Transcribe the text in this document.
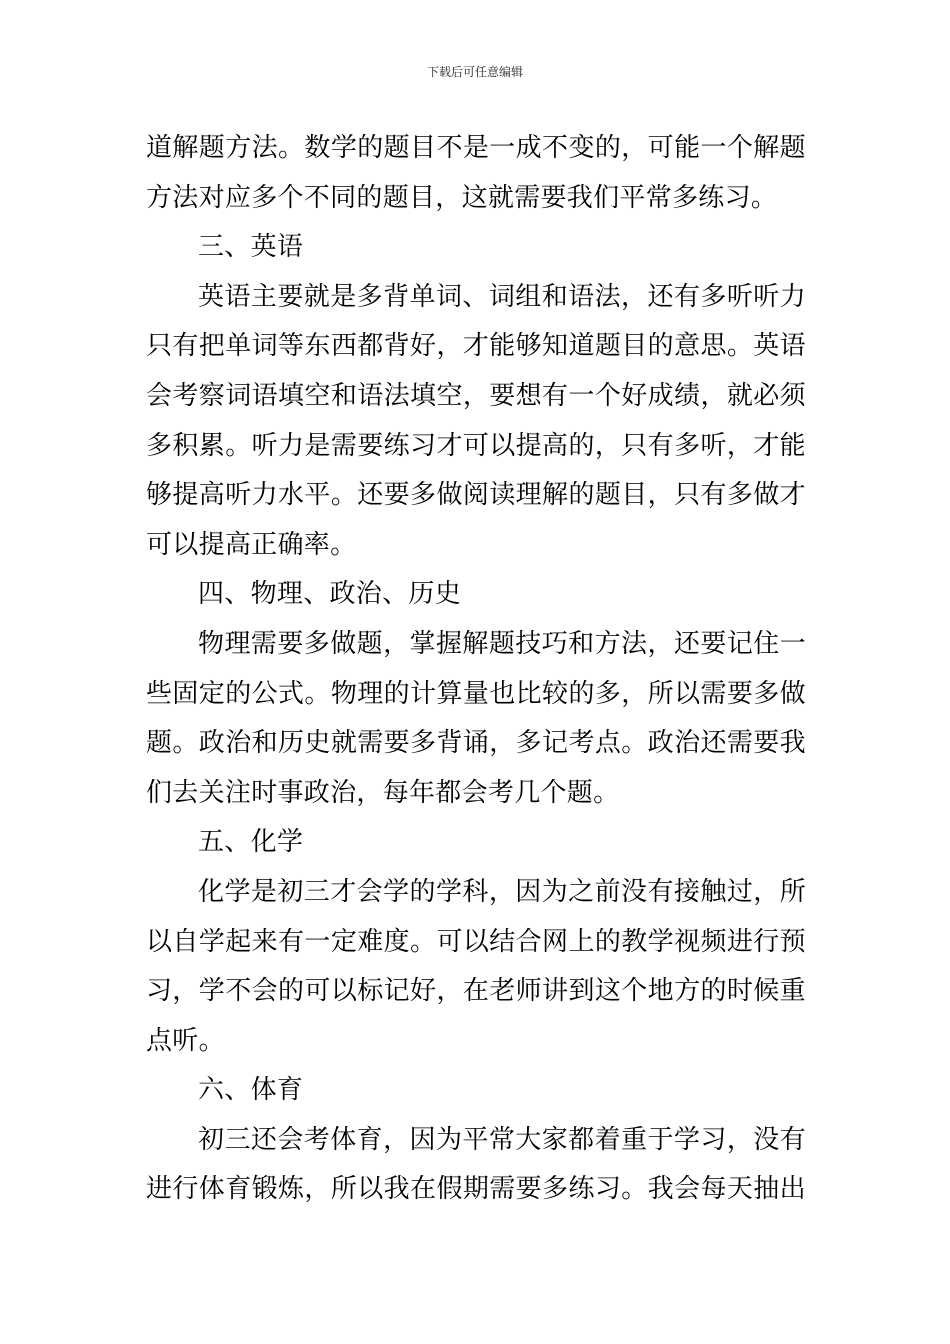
下载后可任意编辑
道解题方法。数学的题目不是一成不变的，可能一个解题
方法对应多个不同的题目，这就需要我们平常多练习。
三、英语
英语主要就是多背单词、词组和语法，还有多听听力
只有把单词等东西都背好，才能够知道题目的意思。英语
会考察词语填空和语法填空，要想有一个好成绩，就必须
多积累。听力是需要练习才可以提高的，只有多听，才能
够提高听力水平。还要多做阅读理解的题目，只有多做才
可以提高正确率。
四、物理、政治、历史
物理需要多做题，掌握解题技巧和方法，还要记住一
些固定的公式。物理的计算量也比较的多，所以需要多做
题。政治和历史就需要多背诵，多记考点。政治还需要我
们去关注时事政治，每年都会考几个题。
五、化学
化学是初三才会学的学科，因为之前没有接触过，所
以自学起来有一定难度。可以结合网上的教学视频进行预
习，学不会的可以标记好，在老师讲到这个地方的时候重
点听。
六、体育
初三还会考体育，因为平常大家都着重于学习，没有
进行体育锻炼，所以我在假期需要多练习。我会每天抽出
